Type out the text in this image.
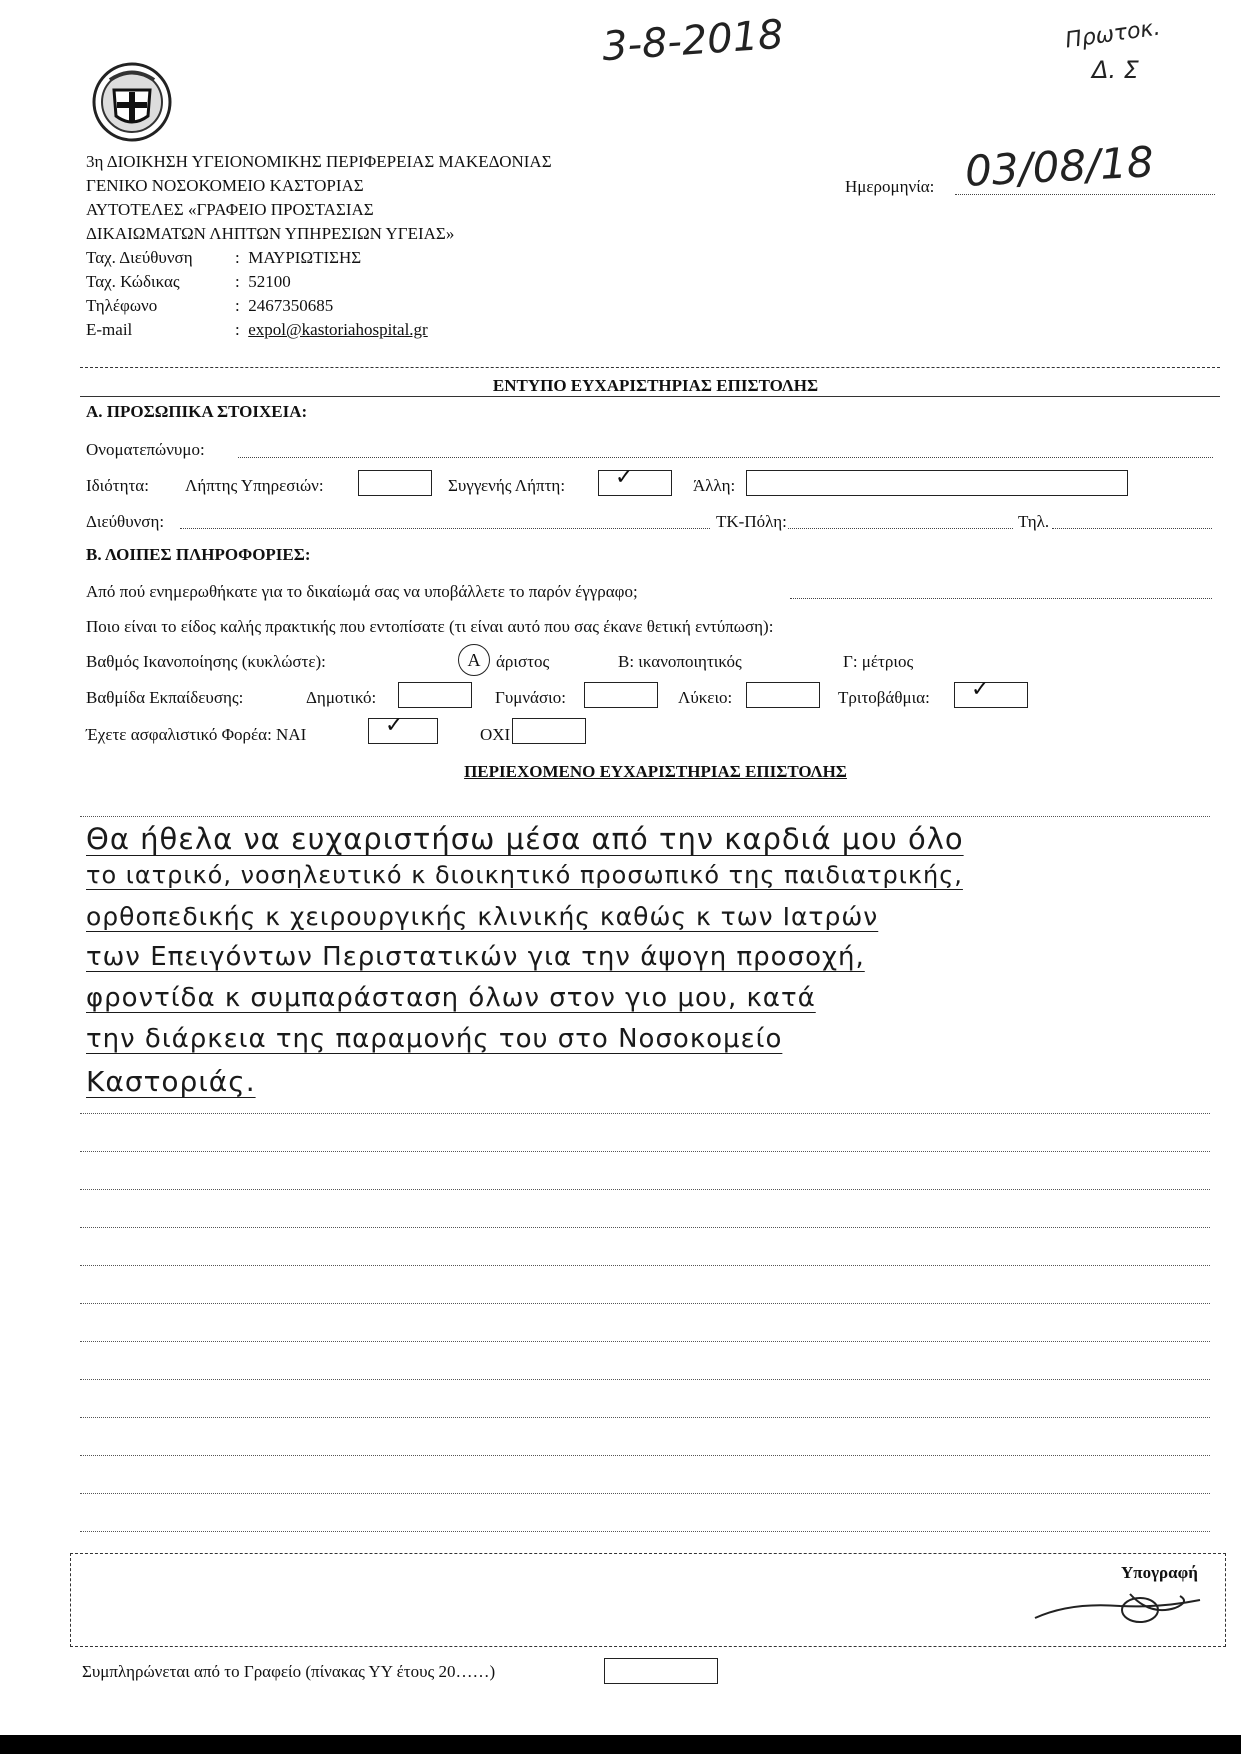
3-8-2018	Πρωτοκ.
Δ. Σ
3η ΔΙΟΙΚΗΣΗ ΥΓΕΙΟΝΟΜΙΚΗΣ ΠΕΡΙΦΕΡΕΙΑΣ ΜΑΚΕΔΟΝΙΑΣ
ΓΕΝΙΚΟ ΝΟΣΟΚΟΜΕΙΟ ΚΑΣΤΟΡΙΑΣ
ΑΥΤΟΤΕΛΕΣ «ΓΡΑΦΕΙΟ ΠΡΟΣΤΑΣΙΑΣ
ΔΙΚΑΙΩΜΑΤΩΝ ΛΗΠΤΩΝ ΥΠΗΡΕΣΙΩΝ ΥΓΕΙΑΣ»
Ταχ. Διεύθυνση :  ΜΑΥΡΙΩΤΙΣΗΣ
Ταχ. Κώδικας	:  52100
Τηλέφωνο	:  2467350685
E-mail	:  expol@kastoriahospital.gr
Ημερομηνία: 03/08/18
ΕΝΤΥΠΟ ΕΥΧΑΡΙΣΤΗΡΙΑΣ ΕΠΙΣΤΟΛΗΣ
Α. ΠΡΟΣΩΠΙΚΑ ΣΤΟΙΧΕΙΑ:
Ονοματεπώνυμο:
Ιδιότητα: Λήπτης Υπηρεσιών:	Συγγενής Λήπτη: ✓	Άλλη:
Διεύθυνση:	ΤΚ-Πόλη:	Τηλ.
Β. ΛΟΙΠΕΣ ΠΛΗΡΟΦΟΡΙΕΣ:
Από πού ενημερωθήκατε για το δικαίωμά σας να υποβάλλετε το παρόν έγγραφο;
Ποιο είναι το είδος καλής πρακτικής που εντοπίσατε (τι είναι αυτό που σας έκανε θετική εντύπωση):
Βαθμός Ικανοποίησης (κυκλώστε):	Α άριστος	Β: ικανοποιητικός	Γ: μέτριος
Βαθμίδα Εκπαίδευσης:	Δημοτικό:	Γυμνάσιο:	Λύκειο:	Τριτοβάθμια: ✓
Έχετε ασφαλιστικό Φορέα: ΝΑΙ	✓	ΟΧΙ
ΠΕΡΙΕΧΟΜΕΝΟ ΕΥΧΑΡΙΣΤΗΡΙΑΣ ΕΠΙΣΤΟΛΗΣ
Θα ήθελα να ευχαριστήσω μέσα από την καρδιά μου όλο
το ιατρικό, νοσηλευτικό κ διοικητικό προσωπικό της παιδιατρικής,
ορθοπεδικής κ χειρουργικής κλινικής καθώς κ των Ιατρών
των Επειγόντων Περιστατικών για την άψογη προσοχή,
φροντίδα κ συμπαράσταση όλων στον γιο μου, κατά
την διάρκεια της παραμονής του στο Νοσοκομείο
Καστοριάς.
Υπογραφή
Συμπληρώνεται από το Γραφείο (πίνακας ΥΥ έτους 20……)
